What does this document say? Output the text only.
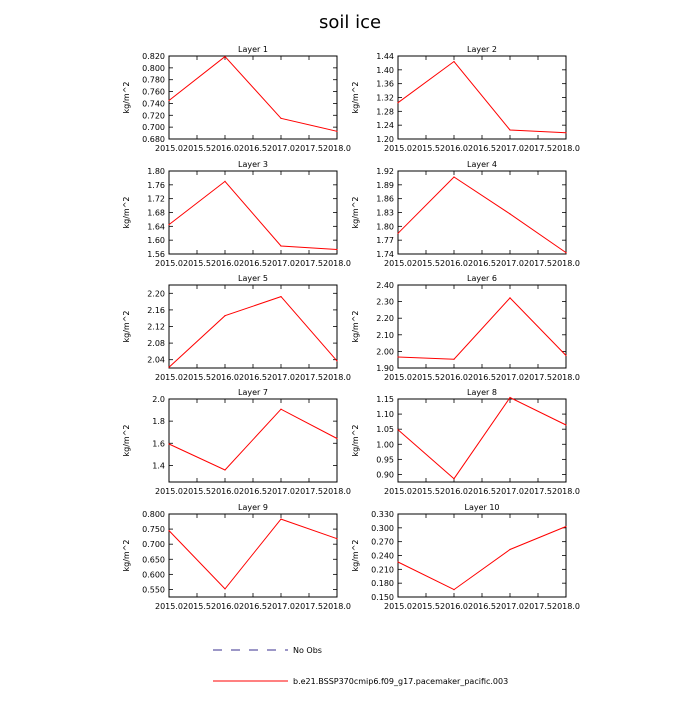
soil ice
Layer 1
2015.0 2015.5 2016.0 2016.5 2017.0 2017.5 2018.0
0.680
0.700
0.720
0.740
0.760
0.780
0.800
0.820
kg/m^2
Layer 2
2015.0 2015.5 2016.0 2016.5 2017.0 2017.5 2018.0
1.20
1.24
1.28
1.32
1.36
1.40
1.44
kg/m^2
Layer 3
2015.0 2015.5 2016.0 2016.5 2017.0 2017.5 2018.0
1.56
1.60
1.64
1.68
1.72
1.76
1.80
kg/m^2
Layer 4
2015.0 2015.5 2016.0 2016.5 2017.0 2017.5 2018.0
1.74
1.77
1.80
1.83
1.86
1.89
1.92
kg/m^2
Layer 5
2015.0 2015.5 2016.0 2016.5 2017.0 2017.5 2018.0
2.04
2.08
2.12
2.16
2.20
kg/m^2
Layer 6
2015.0 2015.5 2016.0 2016.5 2017.0 2017.5 2018.0
1.90
2.00
2.10
2.20
2.30
2.40
kg/m^2
Layer 7
2015.0 2015.5 2016.0 2016.5 2017.0 2017.5 2018.0
1.4
1.6
1.8
2.0
kg/m^2
Layer 8
2015.0 2015.5 2016.0 2016.5 2017.0 2017.5 2018.0
0.90
0.95
1.00
1.05
1.10
1.15
kg/m^2
Layer 9
2015.0 2015.5 2016.0 2016.5 2017.0 2017.5 2018.0
0.550
0.600
0.650
0.700
0.750
0.800
kg/m^2
Layer 10
2015.0 2015.5 2016.0 2016.5 2017.0 2017.5 2018.0
0.150
0.180
0.210
0.240
0.270
0.300
0.330
kg/m^2
No Obs
b.e21.BSSP370cmip6.f09_g17.pacemaker_pacific.003
